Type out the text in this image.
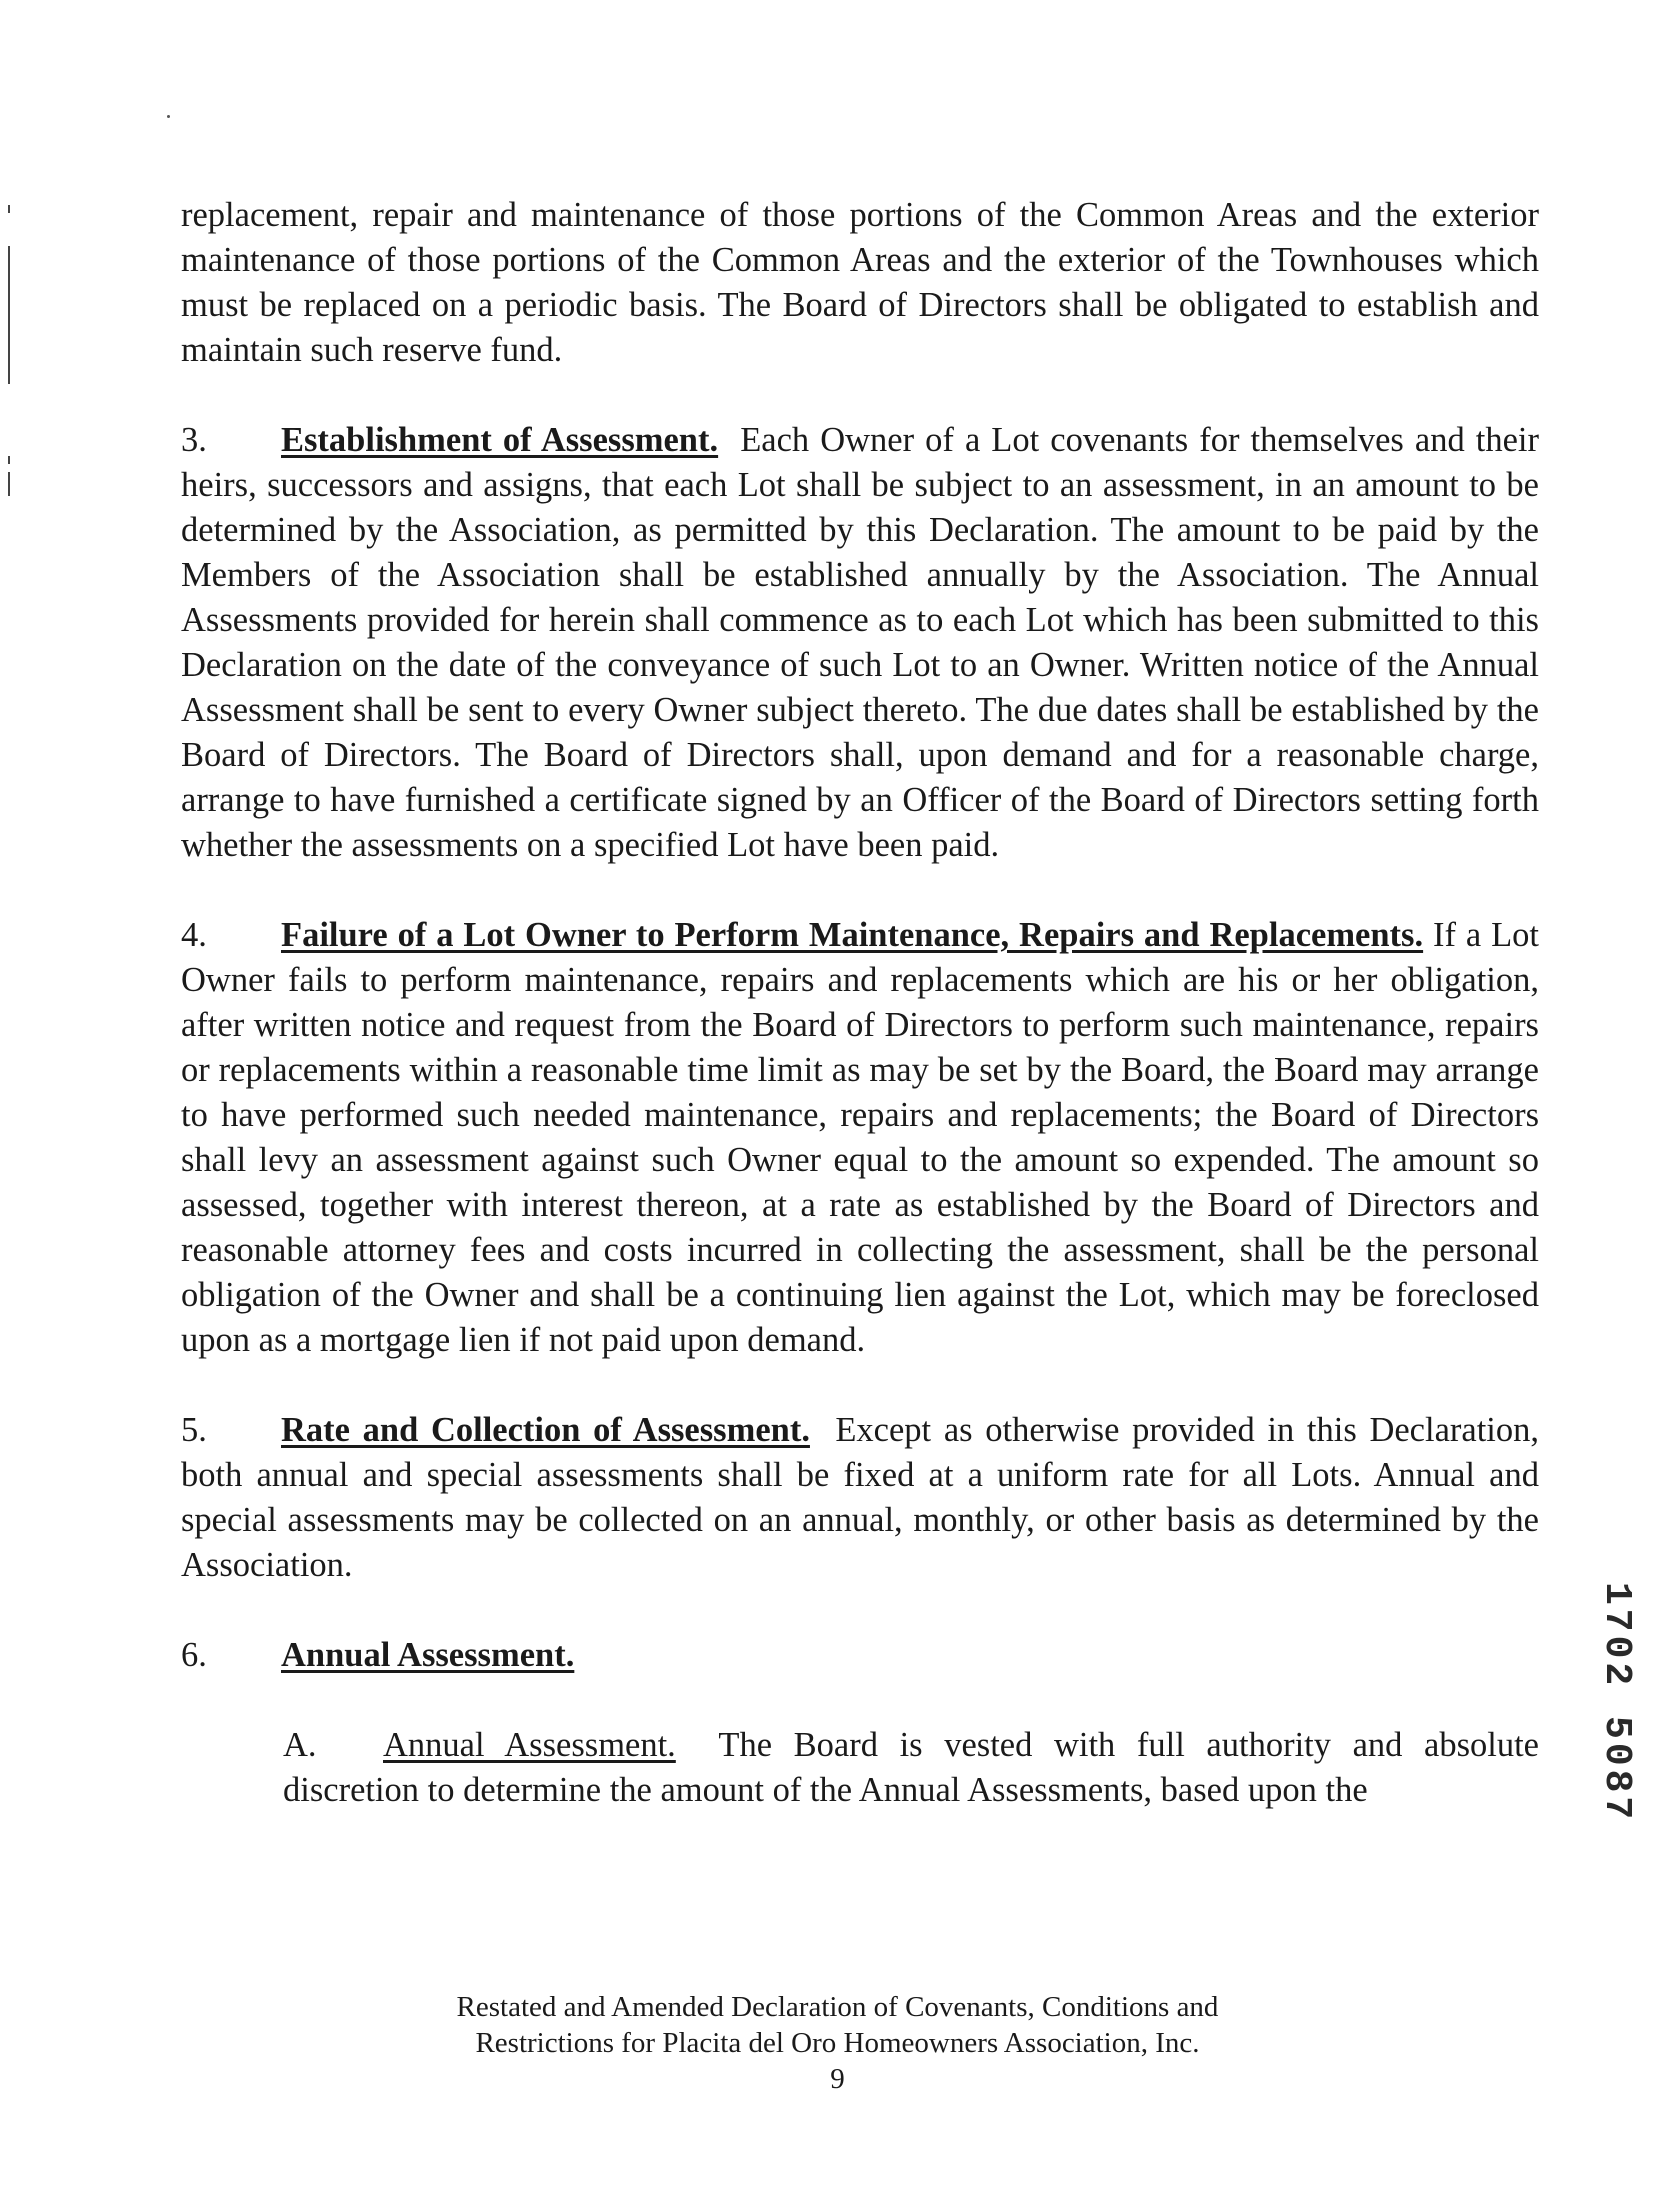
replacement, repair and maintenance of those portions of the Common Areas and the exterior maintenance of those portions of the Common Areas and the exterior of the Townhouses which must be replaced on a periodic basis. The Board of Directors shall be obligated to establish and maintain such reserve fund.

3. Establishment of Assessment. Each Owner of a Lot covenants for themselves and their heirs, successors and assigns, that each Lot shall be subject to an assessment, in an amount to be determined by the Association, as permitted by this Declaration. The amount to be paid by the Members of the Association shall be established annually by the Association. The Annual Assessments provided for herein shall commence as to each Lot which has been submitted to this Declaration on the date of the conveyance of such Lot to an Owner. Written notice of the Annual Assessment shall be sent to every Owner subject thereto. The due dates shall be established by the Board of Directors. The Board of Directors shall, upon demand and for a reasonable charge, arrange to have furnished a certificate signed by an Officer of the Board of Directors setting forth whether the assessments on a specified Lot have been paid.

4. Failure of a Lot Owner to Perform Maintenance, Repairs and Replacements. If a Lot Owner fails to perform maintenance, repairs and replacements which are his or her obligation, after written notice and request from the Board of Directors to perform such maintenance, repairs or replacements within a reasonable time limit as may be set by the Board, the Board may arrange to have performed such needed maintenance, repairs and replacements; the Board of Directors shall levy an assessment against such Owner equal to the amount so expended. The amount so assessed, together with interest thereon, at a rate as established by the Board of Directors and reasonable attorney fees and costs incurred in collecting the assessment, shall be the personal obligation of the Owner and shall be a continuing lien against the Lot, which may be foreclosed upon as a mortgage lien if not paid upon demand.

5. Rate and Collection of Assessment. Except as otherwise provided in this Declaration, both annual and special assessments shall be fixed at a uniform rate for all Lots. Annual and special assessments may be collected on an annual, monthly, or other basis as determined by the Association.

6. Annual Assessment.

A. Annual Assessment. The Board is vested with full authority and absolute discretion to determine the amount of the Annual Assessments, based upon the	1702 5087
Restated and Amended Declaration of Covenants, Conditions and
Restrictions for Placita del Oro Homeowners Association, Inc.
9
